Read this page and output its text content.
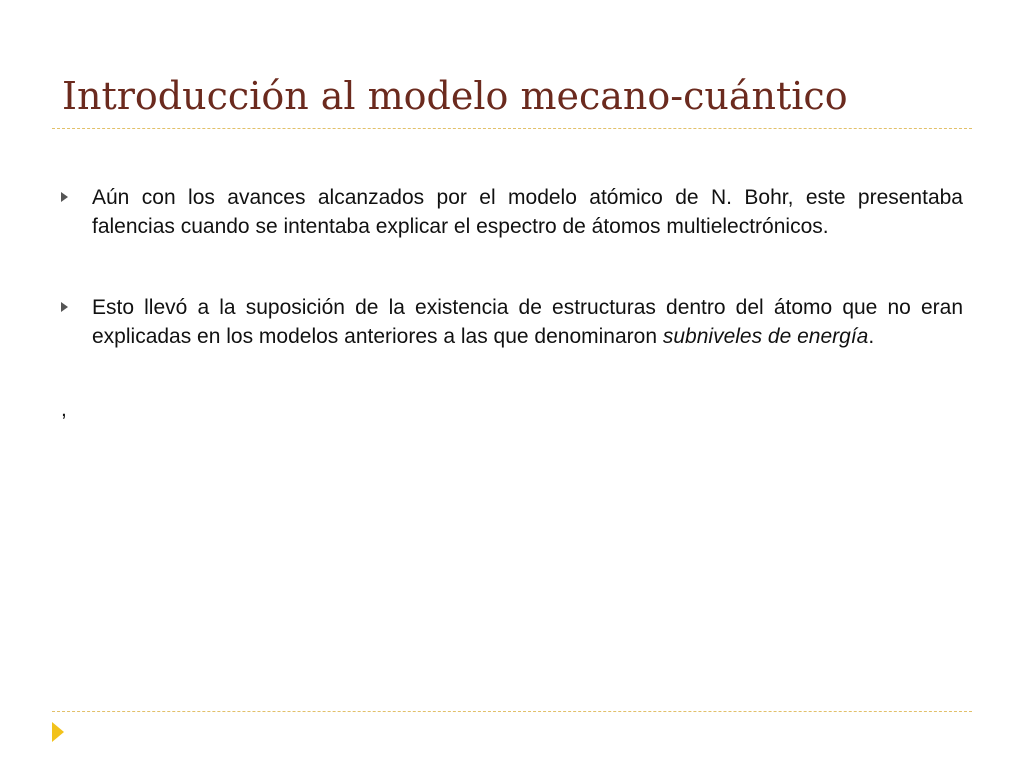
Introducción al modelo mecano-cuántico
Aún con los avances alcanzados por el modelo atómico de N. Bohr, este presentaba falencias cuando se intentaba explicar el espectro de átomos multielectrónicos.
Esto llevó a la suposición de la existencia de estructuras dentro del átomo que no eran explicadas en los modelos anteriores a las que denominaron subniveles de energía.
,
